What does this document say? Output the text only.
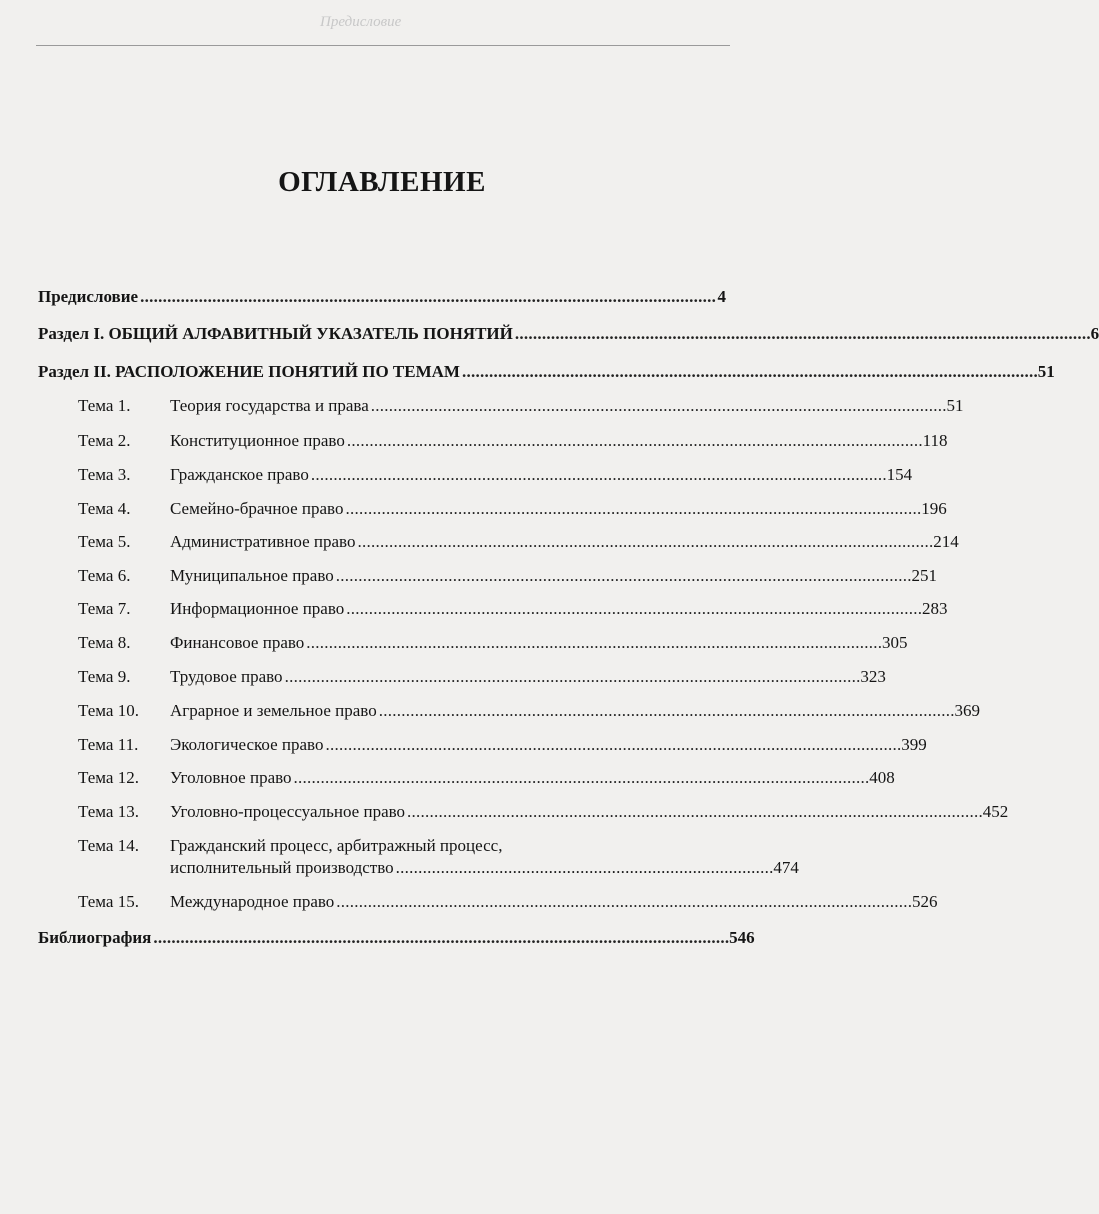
Предисловие
ОГЛАВЛЕНИЕ
Предисловие . . .	4
Раздел I. ОБЩИЙ АЛФАВИТНЫЙ УКАЗАТЕЛЬ ПОНЯТИЙ . . .	6
Раздел II. РАСПОЛОЖЕНИЕ ПОНЯТИЙ ПО ТЕМАМ . . .	51
Тема 1.	Теория государства и права . . .	51
Тема 2.	Конституционное право . . .	118
Тема 3.	Гражданское право . . .	154
Тема 4.	Семейно-брачное право . . .	196
Тема 5.	Административное право . . .	214
Тема 6.	Муниципальное право . . .	251
Тема 7.	Информационное право . . .	283
Тема 8.	Финансовое право . . .	305
Тема 9.	Трудовое право . . .	323
Тема 10.	Аграрное и земельное право . . .	369
Тема 11.	Экологическое право . . .	399
Тема 12.	Уголовное право . . .	408
Тема 13.	Уголовно-процессуальное право . . .	452
Тема 14. Гражданский процесс, арбитражный процесс,
исполнительный производство . . . . . . . . . . . . . . . . . . . . . . . . . . . . . . . . . . . . . . . . . . . . . . . . . . . . . . . . . . . . . . . . . . . . . . . . . . . . . . . . . . . . 474
Тема 15.	Международное право . . .	526
Библиография . . .	546
